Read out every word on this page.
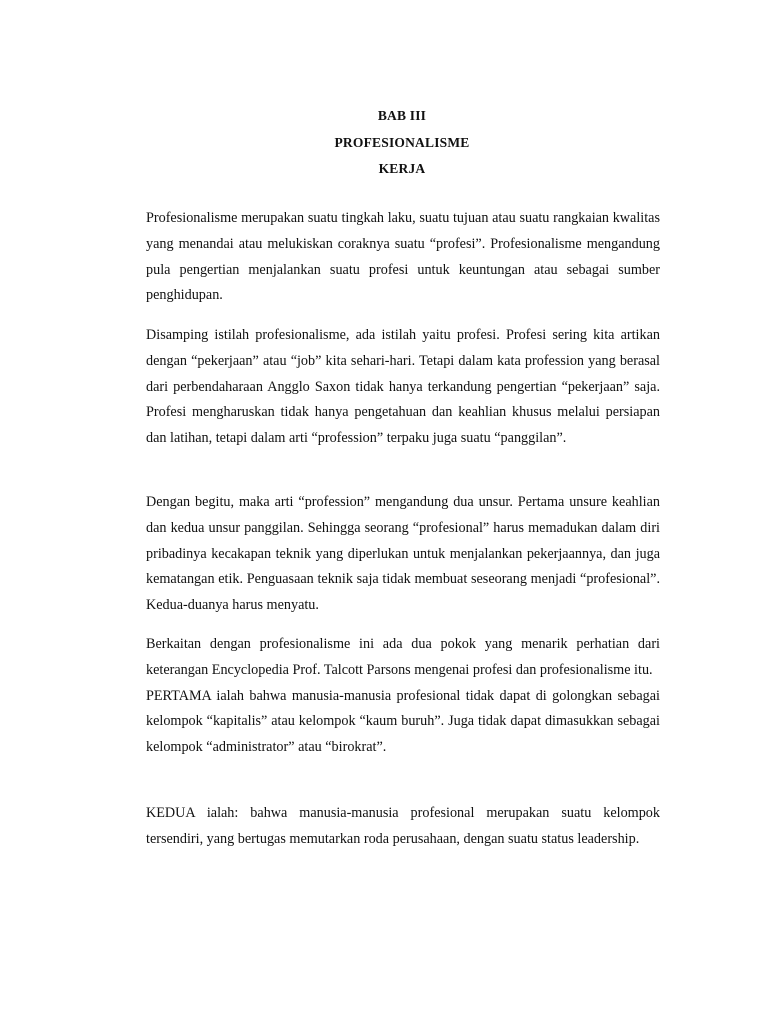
BAB III
PROFESIONALISME
KERJA

Profesionalisme merupakan suatu tingkah laku, suatu tujuan atau suatu rangkaian kwalitas yang menandai atau melukiskan coraknya suatu “profesi”. Profesionalisme mengandung pula pengertian menjalankan suatu profesi untuk keuntungan atau sebagai sumber penghidupan.

Disamping istilah profesionalisme, ada istilah yaitu profesi. Profesi sering kita artikan dengan “pekerjaan” atau “job” kita sehari-hari. Tetapi dalam kata profession yang berasal dari perbendaharaan Angglo Saxon tidak hanya terkandung pengertian “pekerjaan” saja. Profesi mengharuskan tidak hanya pengetahuan dan keahlian khusus melalui persiapan dan latihan, tetapi dalam arti “profession” terpaku juga suatu “panggilan”.

Dengan begitu, maka arti “profession” mengandung dua unsur. Pertama unsure keahlian dan kedua unsur panggilan. Sehingga seorang “profesional” harus memadukan dalam diri pribadinya kecakapan teknik yang diperlukan untuk menjalankan pekerjaannya, dan juga kematangan etik. Penguasaan teknik saja tidak membuat seseorang menjadi “profesional”. Kedua-duanya harus menyatu.

Berkaitan dengan profesionalisme ini ada dua pokok yang menarik perhatian dari keterangan Encyclopedia Prof. Talcott Parsons mengenai profesi dan profesionalisme itu.

PERTAMA ialah bahwa manusia-manusia profesional tidak dapat di golongkan sebagai kelompok “kapitalis” atau kelompok “kaum buruh”. Juga tidak dapat dimasukkan sebagai kelompok “administrator” atau “birokrat”.

KEDUA ialah: bahwa manusia-manusia profesional merupakan suatu kelompok tersendiri, yang bertugas memutarkan roda perusahaan, dengan suatu status leadership.
